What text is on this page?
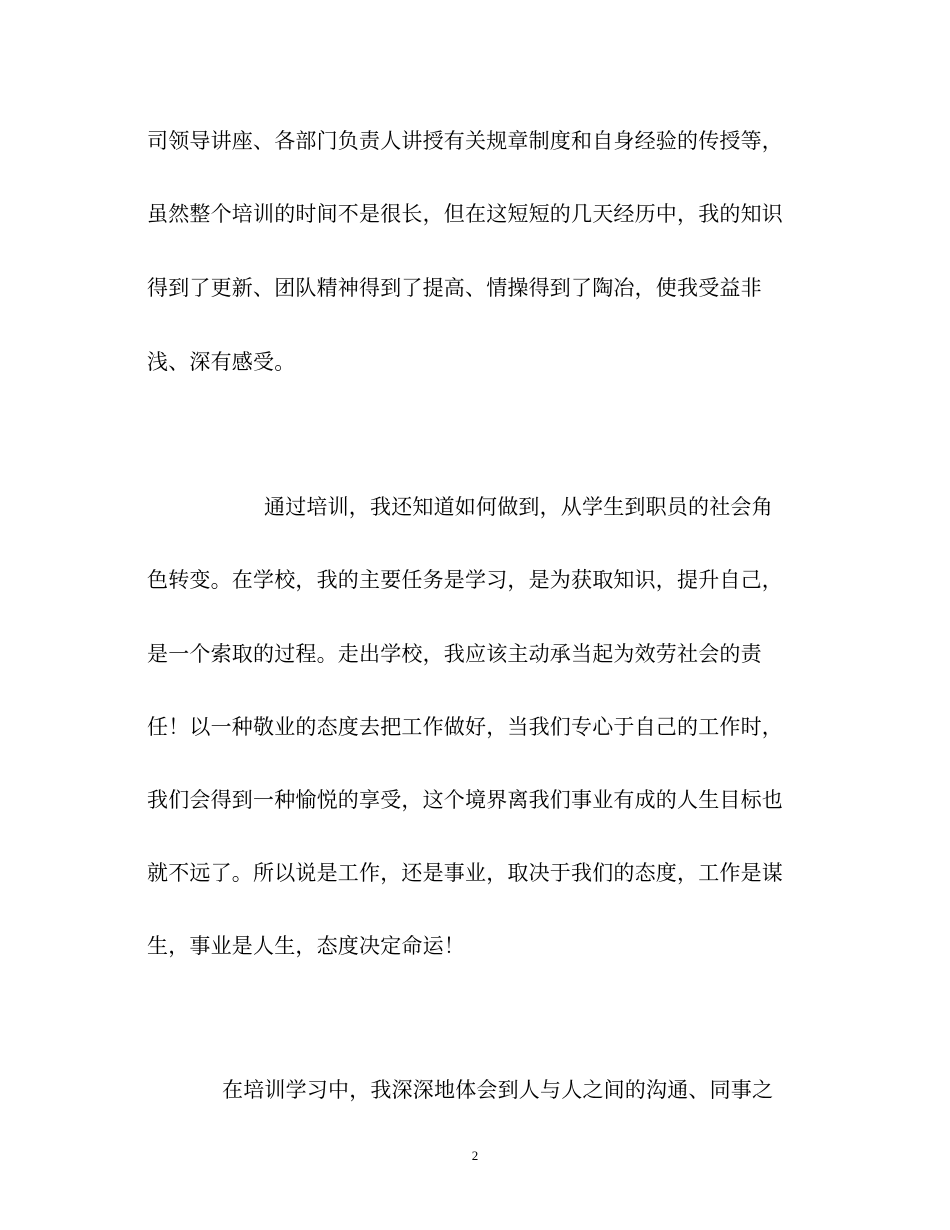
司领导讲座、各部门负责人讲授有关规章制度和自身经验的传授等，
虽然整个培训的时间不是很长，但在这短短的几天经历中，我的知识
得到了更新、团队精神得到了提高、情操得到了陶冶，使我受益非
浅、深有感受。
通过培训，我还知道如何做到，从学生到职员的社会角
色转变。在学校，我的主要任务是学习，是为获取知识，提升自己，
是一个索取的过程。走出学校，我应该主动承当起为效劳社会的责
任！以一种敬业的态度去把工作做好，当我们专心于自己的工作时，
我们会得到一种愉悦的享受，这个境界离我们事业有成的人生目标也
就不远了。所以说是工作，还是事业，取决于我们的态度，工作是谋
生，事业是人生，态度决定命运！
在培训学习中，我深深地体会到人与人之间的沟通、同事之
2
